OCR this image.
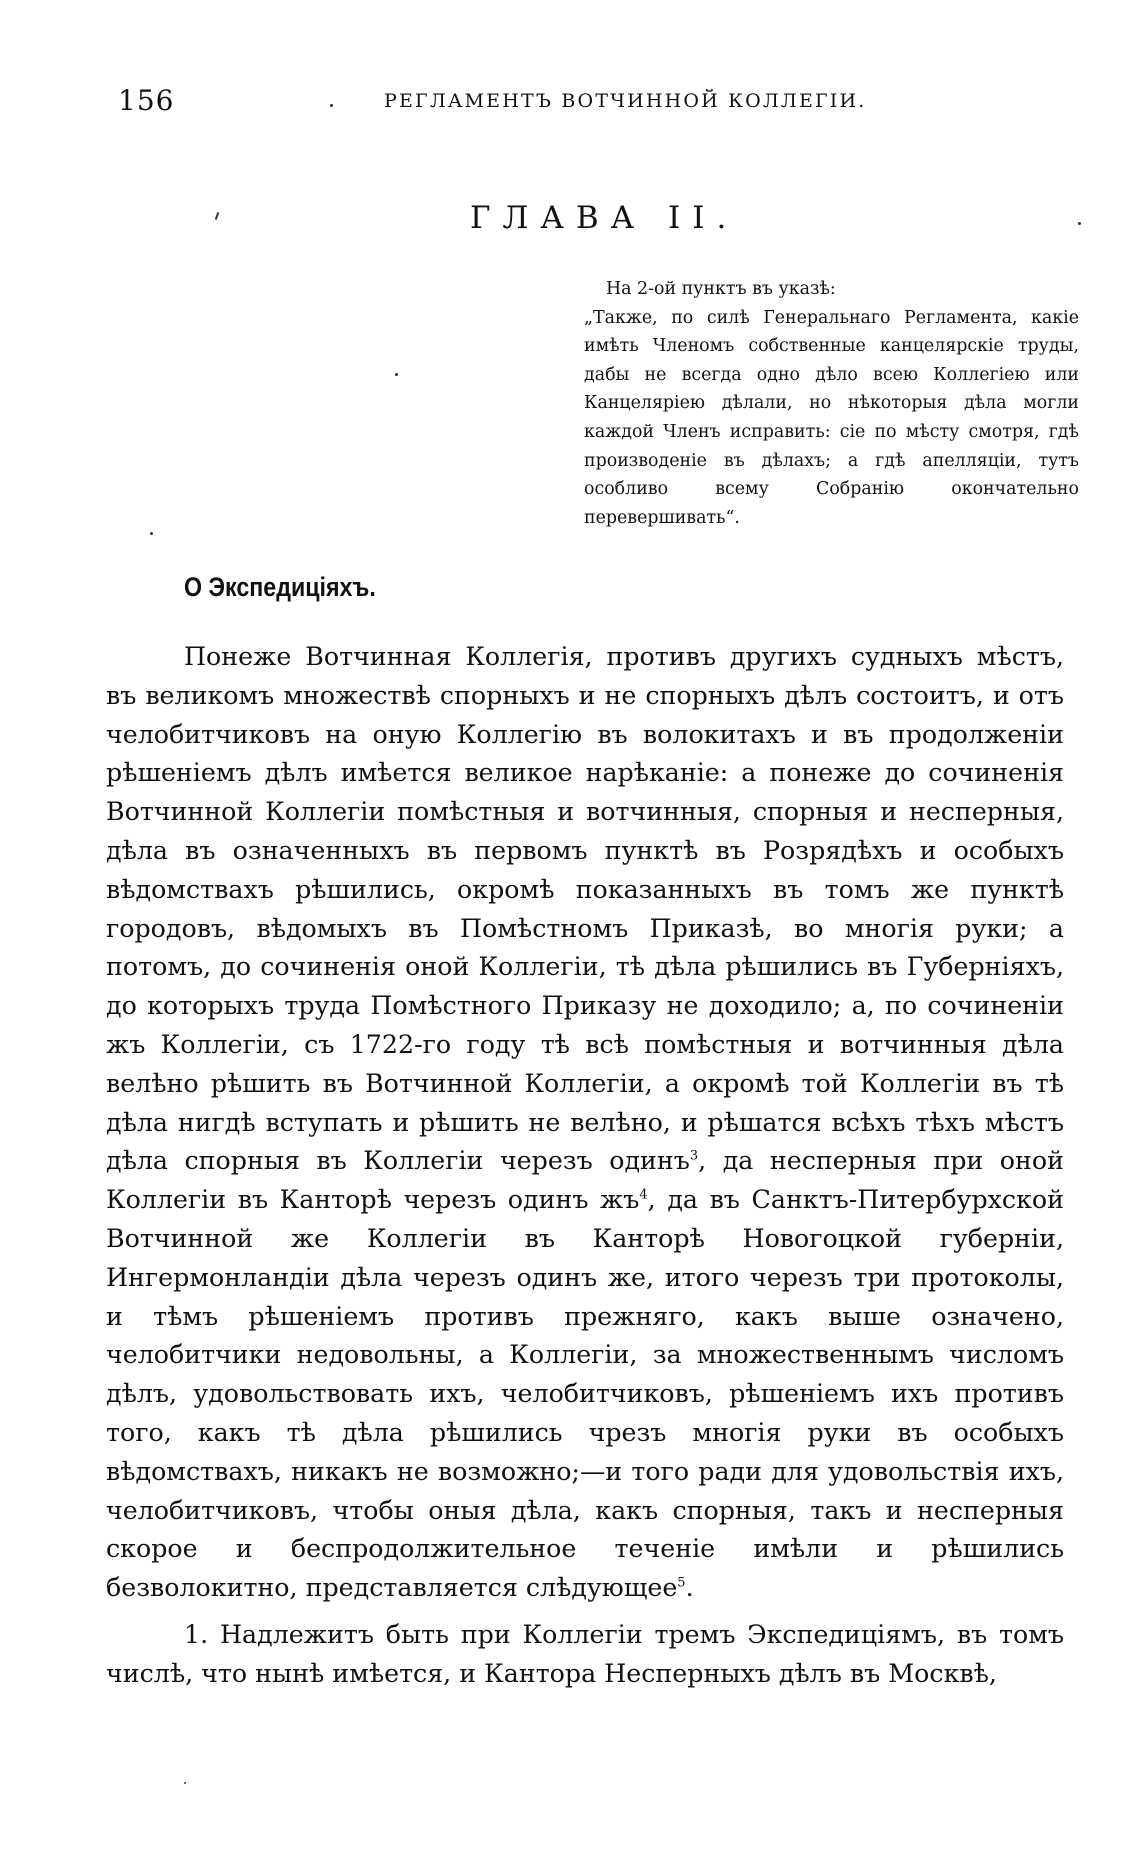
156	РЕГЛАМЕНТЪ ВОТЧИННОЙ КОЛЛЕГІИ.
ГЛАВА II.

На 2-ой пунктъ въ указѣ:

„Также, по силѣ Генеральнаго Регламента, какіе имѣть Членомъ собственные канцелярскіе труды, дабы не всегда одно дѣло всею Коллегіею или Канцеляріею дѣлали, но нѣкоторыя дѣла могли каждой Членъ исправить: сіе по мѣсту смотря, гдѣ производеніе въ дѣлахъ; а гдѣ апелляціи, тутъ особливо всему Собранію окончательно перевершивать“.

О Экспедиціяхъ.

Понеже Вотчинная Коллегія, противъ другихъ судныхъ мѣстъ, въ великомъ множествѣ спорныхъ и не спорныхъ дѣлъ состоитъ, и отъ челобитчиковъ на оную Коллегію въ волокитахъ и въ продолженіи рѣшеніемъ дѣлъ имѣется великое нарѣканіе: а понеже до сочиненія Вотчинной Коллегіи помѣстныя и вотчинныя, спорныя и несперныя, дѣла въ означенныхъ въ первомъ пунктѣ въ Розрядѣхъ и особыхъ вѣдомствахъ рѣшились, окромѣ показанныхъ въ томъ же пунктѣ городовъ, вѣдомыхъ въ Помѣстномъ Приказѣ, во многія руки; а потомъ, до сочиненія оной Коллегіи, тѣ дѣла рѣшились въ Губерніяхъ, до которыхъ труда Помѣстного Приказу не доходило; а, по сочиненіи жъ Коллегіи, съ 1722-го году тѣ всѣ помѣстныя и вотчинныя дѣла велѣно рѣшить въ Вотчинной Коллегіи, а окромѣ той Коллегіи въ тѣ дѣла нигдѣ вступать и рѣшить не велѣно, и рѣшатся всѣхъ тѣхъ мѣстъ дѣла спорныя въ Коллегіи черезъ одинъ$^3$, да несперныя при оной Коллегіи въ Канторѣ черезъ одинъ жъ$^4$, да въ Санктъ-Питербурхской Вотчинной же Коллегіи въ Канторѣ Новогоцкой губерніи, Ингермонландіи дѣла черезъ одинъ же, итого черезъ три протоколы, и тѣмъ рѣшеніемъ противъ прежняго, какъ выше означено, челобитчики недовольны, а Коллегіи, за множественнымъ числомъ дѣлъ, удовольствовать ихъ, челобитчиковъ, рѣшеніемъ ихъ противъ того, какъ тѣ дѣла рѣшились чрезъ многія руки въ особыхъ вѣдомствахъ, никакъ не возможно;—и того ради для удовольствія ихъ, челобитчиковъ, чтобы оныя дѣла, какъ спорныя, такъ и несперныя скорое и беспродолжительное теченіе имѣли и рѣшились безволокитно, представляется слѣдующее$^5$.

1. Надлежитъ быть при Коллегіи тремъ Экспедиціямъ, въ томъ числѣ, что нынѣ имѣется, и Кантора Несперныхъ дѣлъ въ Москвѣ,
